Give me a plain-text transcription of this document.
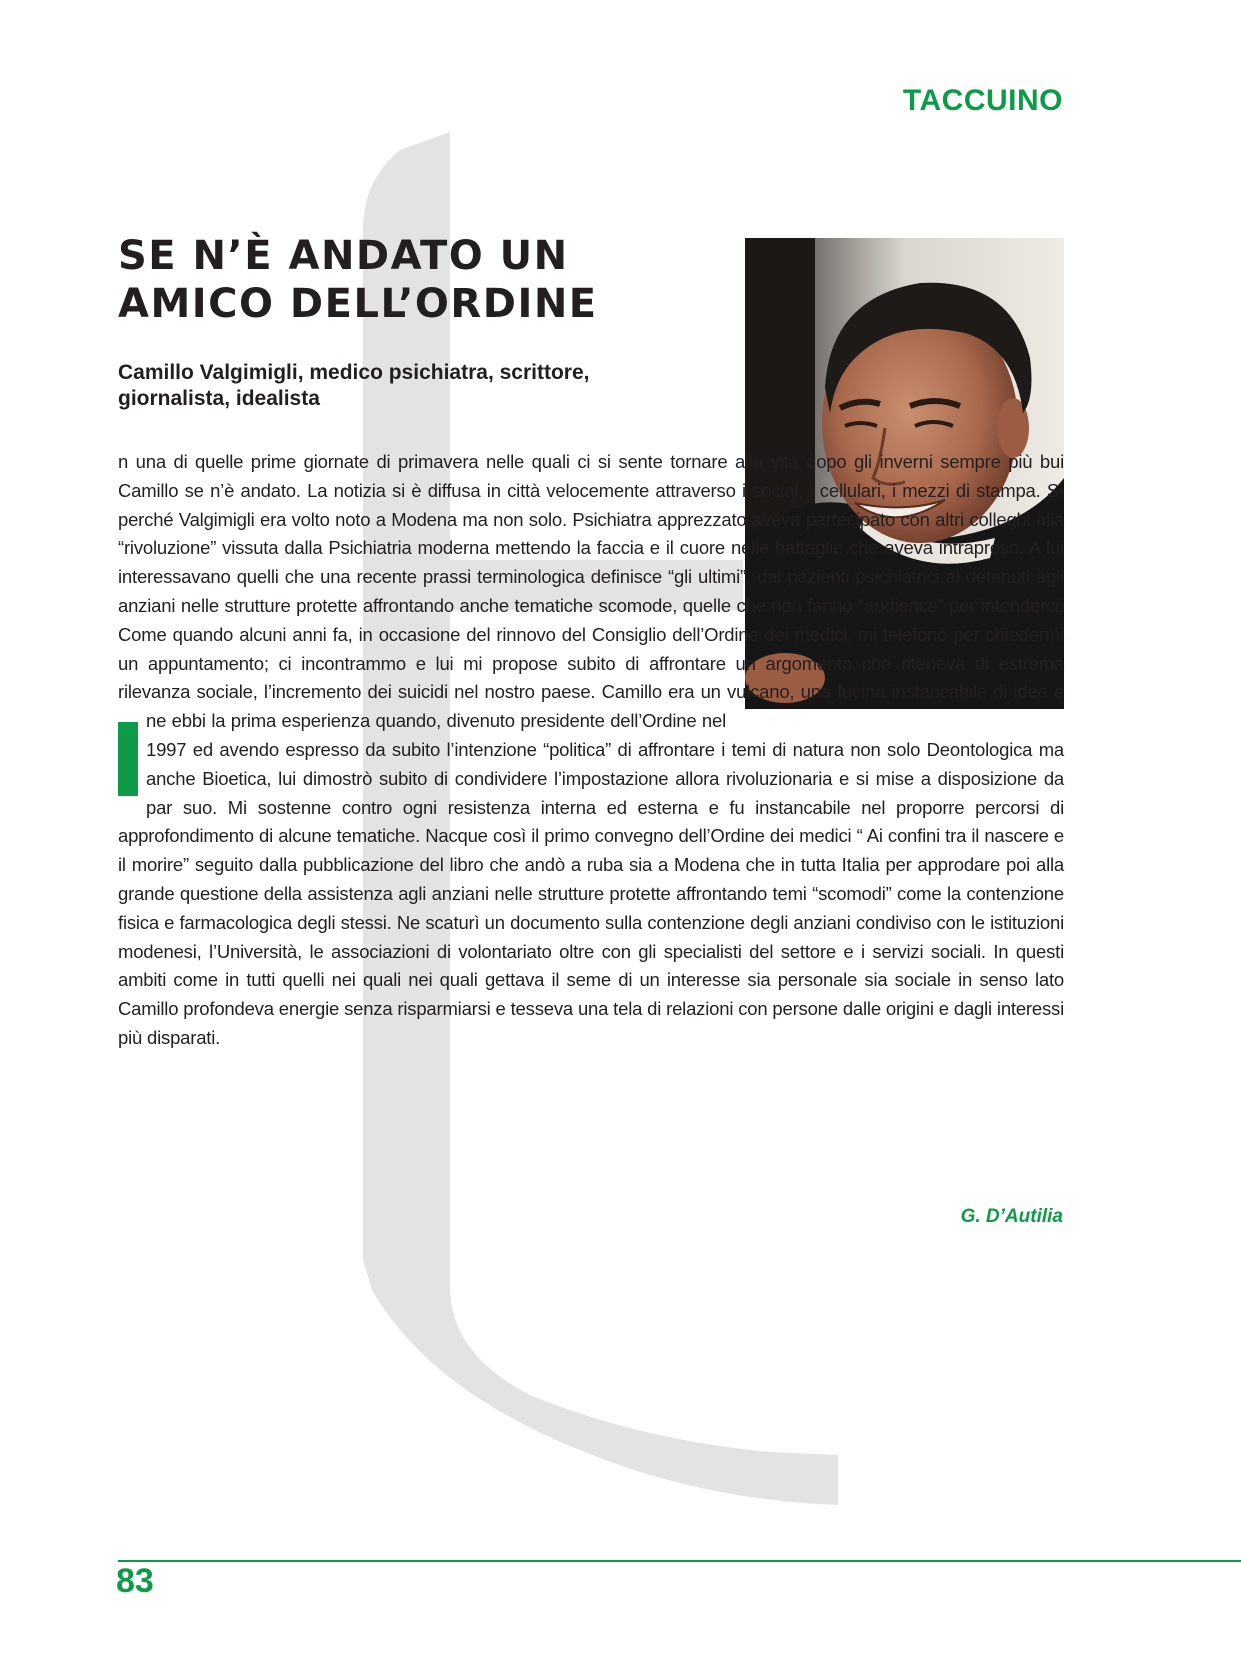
TACCUINO
SE N’È ANDATO UN AMICO DELL’ORDINE
Camillo Valgimigli, medico psichiatra, scrittore, giornalista, idealista
n una di quelle prime giornate di primavera nelle quali ci si sente tornare alla vita dopo gli inverni sempre più bui Camillo se n’è andato. La notizia si è diffusa in città velocemente attraverso i social, i cellulari, i mezzi di stampa. Sì perché Valgimigli era volto noto a Modena ma non solo. Psichiatra apprezzato aveva partecipato con altri colleghi alla “rivoluzione” vissuta dalla Psichiatria moderna mettendo la faccia e il cuore nelle battaglie che aveva intrapreso. A lui interessavano quelli che una recente prassi terminologica definisce “gli ultimi”, dai pazienti psichiatrici ai detenuti agli anziani nelle strutture protette affrontando anche tematiche scomode, quelle che non fanno “audience” per intenderci. Come quando alcuni anni fa, in occasione del rinnovo del Consiglio dell’Ordine dei medici, mi telefonò per chiedermi un appuntamento; ci incontrammo e lui mi propose subito di affrontare un argomento che riteneva di estrema rilevanza sociale, l’incremento dei suicidi nel nostro paese. Camillo era un vulcano, una fucina instancabile di idee e ne ebbi la prima esperienza quando, divenuto presidente dell’Ordine nel 1997 ed avendo espresso da subito l’intenzione “politica” di affrontare i temi di natura non solo Deontologica ma anche Bioetica, lui dimostrò subito di condividere l’impostazione allora rivoluzionaria e si mise a disposizione da par suo. Mi sostenne contro ogni resistenza interna ed esterna e fu instancabile nel proporre percorsi di approfondimento di alcune tematiche. Nacque così il primo convegno dell’Ordine dei medici “ Ai confini tra il nascere e il morire” seguito dalla pubblicazione del libro che andò a ruba sia a Modena che in tutta Italia per approdare poi alla grande questione della assistenza agli anziani nelle strutture protette affrontando temi “scomodi” come la contenzione fisica e farmacologica degli stessi. Ne scaturì un documento sulla contenzione degli anziani condiviso con le istituzioni modenesi, l’Università, le associazioni di volontariato oltre con gli specialisti del settore e i servizi sociali. In questi ambiti come in tutti quelli nei quali nei quali gettava il seme di un interesse sia personale sia sociale in senso lato Camillo profondeva energie senza risparmiarsi e tesseva una tela di relazioni con persone dalle origini e dagli interessi più disparati.
G. D’Autilia
83
